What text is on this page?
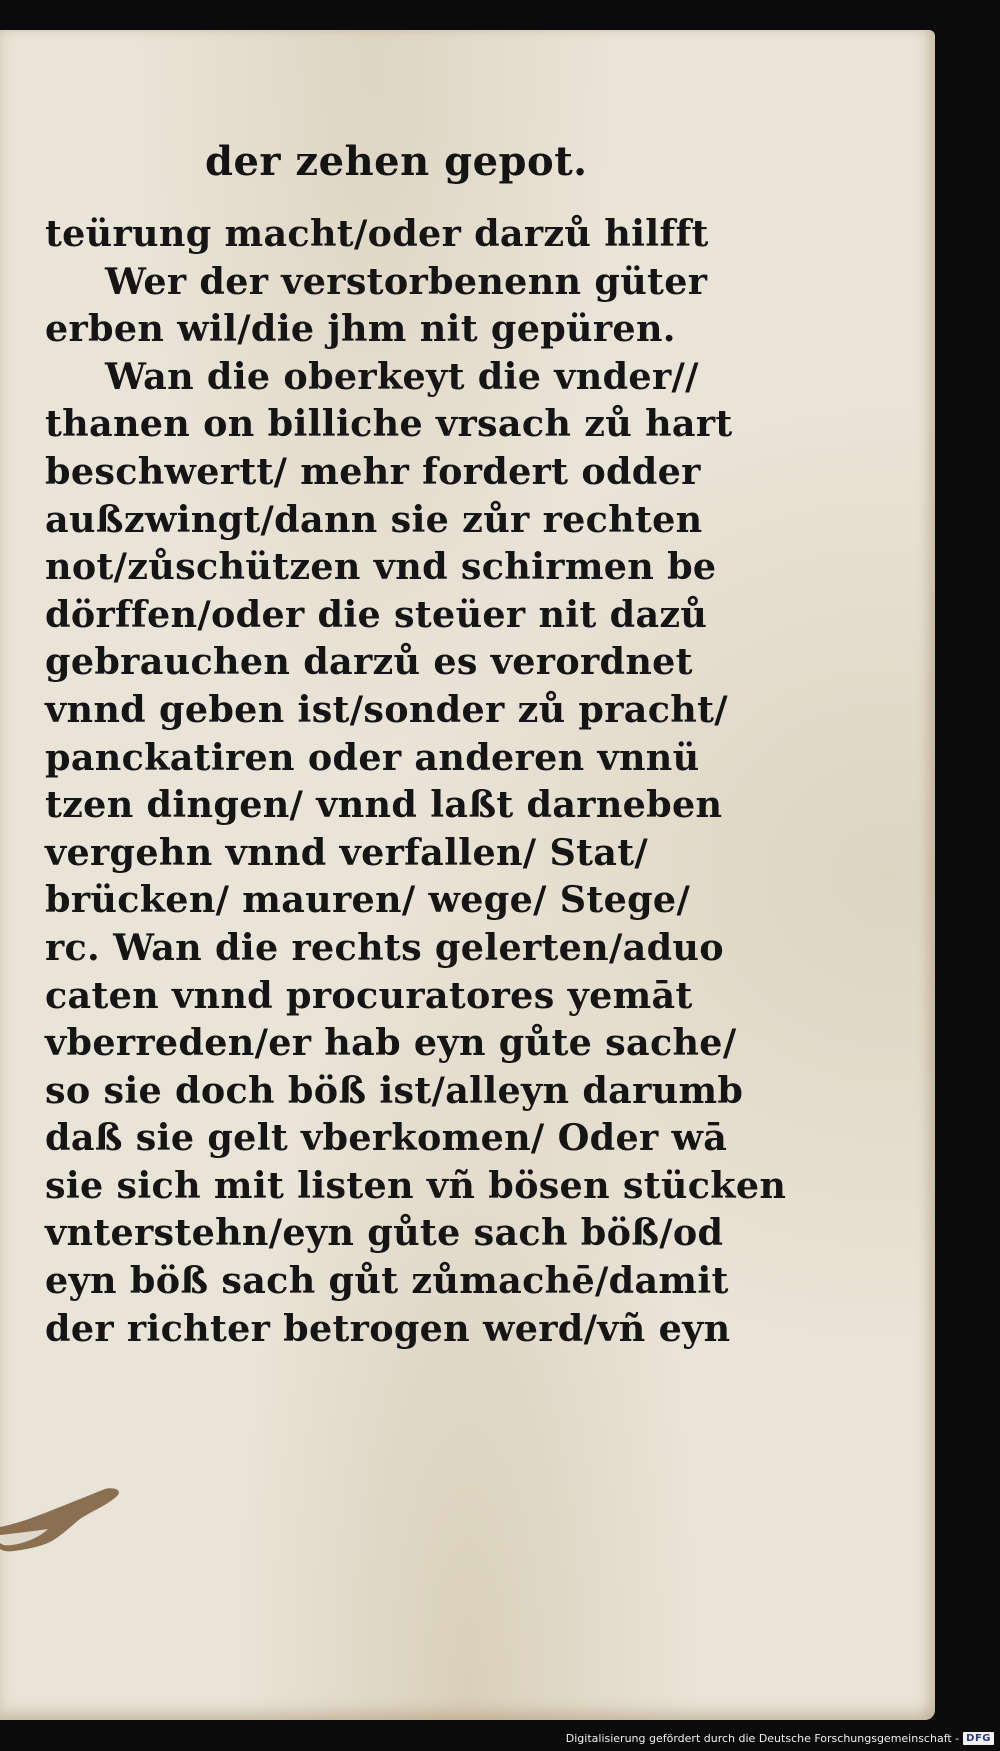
der zehen gepot.
teürung macht/oder darzů hilfft
Wer der verstorbenenn güter
erben wil/die jhm nit gepüren.
Wan die oberkeyt die vnder//
thanen on billiche vrsach zů hart
beschwertt/ mehr fordert odder
außzwingt/dann sie zůr rechten
not/zůschützen vnd schirmen be
dörffen/oder die steüer nit dazů
gebrauchen darzů es verordnet
vnnd geben ist/sonder zů pracht/
panckatiren oder anderen vnnü
tzen dingen/ vnnd laßt darneben
vergehn vnnd verfallen/ Stat/
brücken/ mauren/ wege/ Stege/
rc. Wan die rechts gelerten/aduo
caten vnnd procuratores yemāt
vberreden/er hab eyn gůte sache/
so sie doch böß ist/alleyn darumb
daß sie gelt vberkomen/ Oder wā
sie sich mit listen vñ bösen stücken
vnterstehn/eyn gůte sach böß/od
eyn böß sach gůt zůmachē/damit
der richter betrogen werd/vñ eyn
Digitalisierung gefördert durch die Deutsche Forschungsgemeinschaft - DFG
